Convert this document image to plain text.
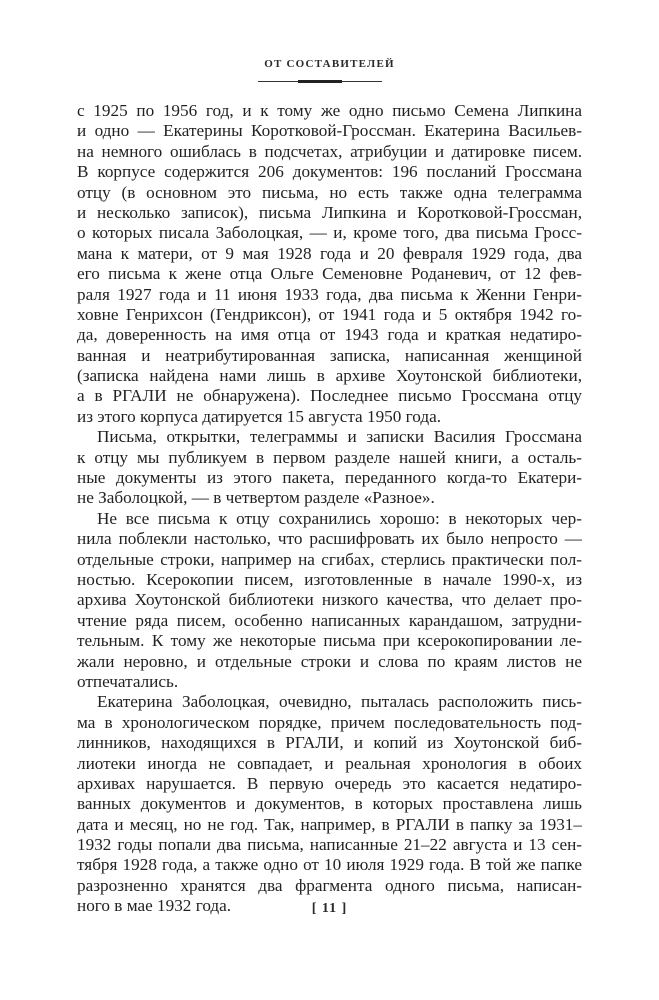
ОТ СОСТАВИТЕЛЕЙ
с 1925 по 1956 год, и к тому же одно письмо Семена Липкина
и одно — Екатерины Коротковой-Гроссман. Екатерина Васильев-
на немного ошиблась в подсчетах, атрибуции и датировке писем.
В корпусе содержится 206 документов: 196 посланий Гроссмана
отцу (в основном это письма, но есть также одна телеграмма
и несколько записок), письма Липкина и Коротковой-Гроссман,
о которых писала Заболоцкая, — и, кроме того, два письма Гросс-
мана к матери, от 9 мая 1928 года и 20 февраля 1929 года, два
его письма к жене отца Ольге Семеновне Роданевич, от 12 фев-
раля 1927 года и 11 июня 1933 года, два письма к Женни Генри-
ховне Генрихсон (Гендриксон), от 1941 года и 5 октября 1942 го-
да, доверенность на имя отца от 1943 года и краткая недатиро-
ванная и неатрибутированная записка, написанная женщиной
(записка найдена нами лишь в архиве Хоутонской библиотеки,
а в РГАЛИ не обнаружена). Последнее письмо Гроссмана отцу
из этого корпуса датируется 15 августа 1950 года.
Письма, открытки, телеграммы и записки Василия Гроссмана
к отцу мы публикуем в первом разделе нашей книги, а осталь-
ные документы из этого пакета, переданного когда-то Екатери-
не Заболоцкой, — в четвертом разделе «Разное».
Не все письма к отцу сохранились хорошо: в некоторых чер-
нила поблекли настолько, что расшифровать их было непросто —
отдельные строки, например на сгибах, стерлись практически пол-
ностью. Ксерокопии писем, изготовленные в начале 1990-х, из
архива Хоутонской библиотеки низкого качества, что делает про-
чтение ряда писем, особенно написанных карандашом, затрудни-
тельным. К тому же некоторые письма при ксерокопировании ле-
жали неровно, и отдельные строки и слова по краям листов не
отпечатались.
Екатерина Заболоцкая, очевидно, пыталась расположить пись-
ма в хронологическом порядке, причем последовательность под-
линников, находящихся в РГАЛИ, и копий из Хоутонской биб-
лиотеки иногда не совпадает, и реальная хронология в обоих
архивах нарушается. В первую очередь это касается недатиро-
ванных документов и документов, в которых проставлена лишь
дата и месяц, но не год. Так, например, в РГАЛИ в папку за 1931–
1932 годы попали два письма, написанные 21–22 августа и 13 сен-
тября 1928 года, а также одно от 10 июля 1929 года. В той же папке
разрозненно хранятся два фрагмента одного письма, написан-
ного в мае 1932 года.	[ 11 ]
